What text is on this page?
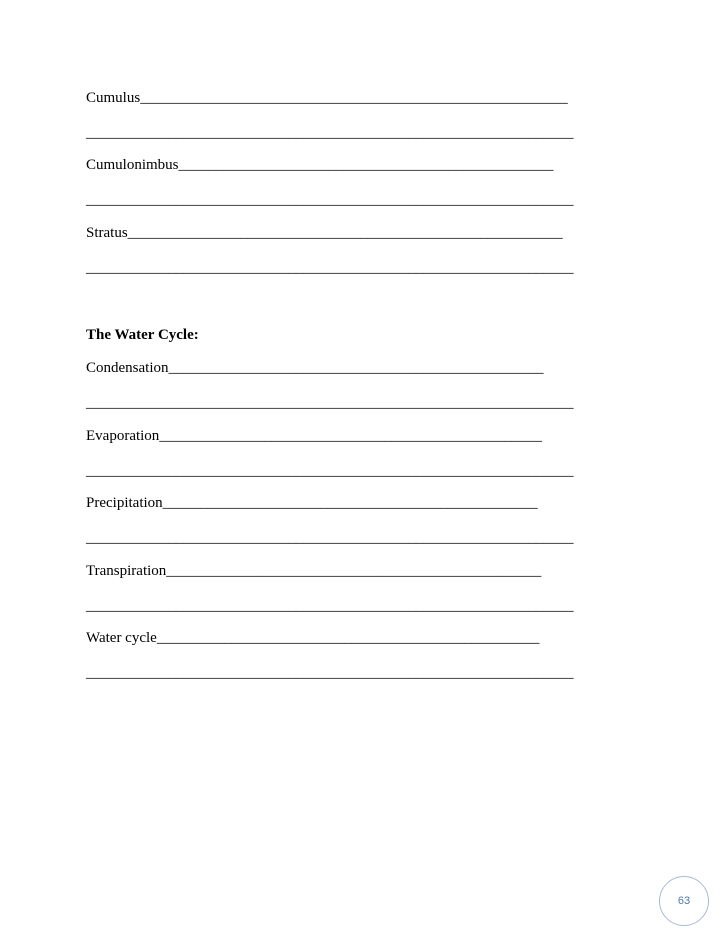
Cumulus_________________________________________________________
_________________________________________________________________
Cumulonimbus__________________________________________________
_________________________________________________________________
Stratus__________________________________________________________
_________________________________________________________________
The Water Cycle:
Condensation__________________________________________________
_________________________________________________________________
Evaporation___________________________________________________
_________________________________________________________________
Precipitation__________________________________________________
_________________________________________________________________
Transpiration__________________________________________________
_________________________________________________________________
Water cycle___________________________________________________
_________________________________________________________________
63
